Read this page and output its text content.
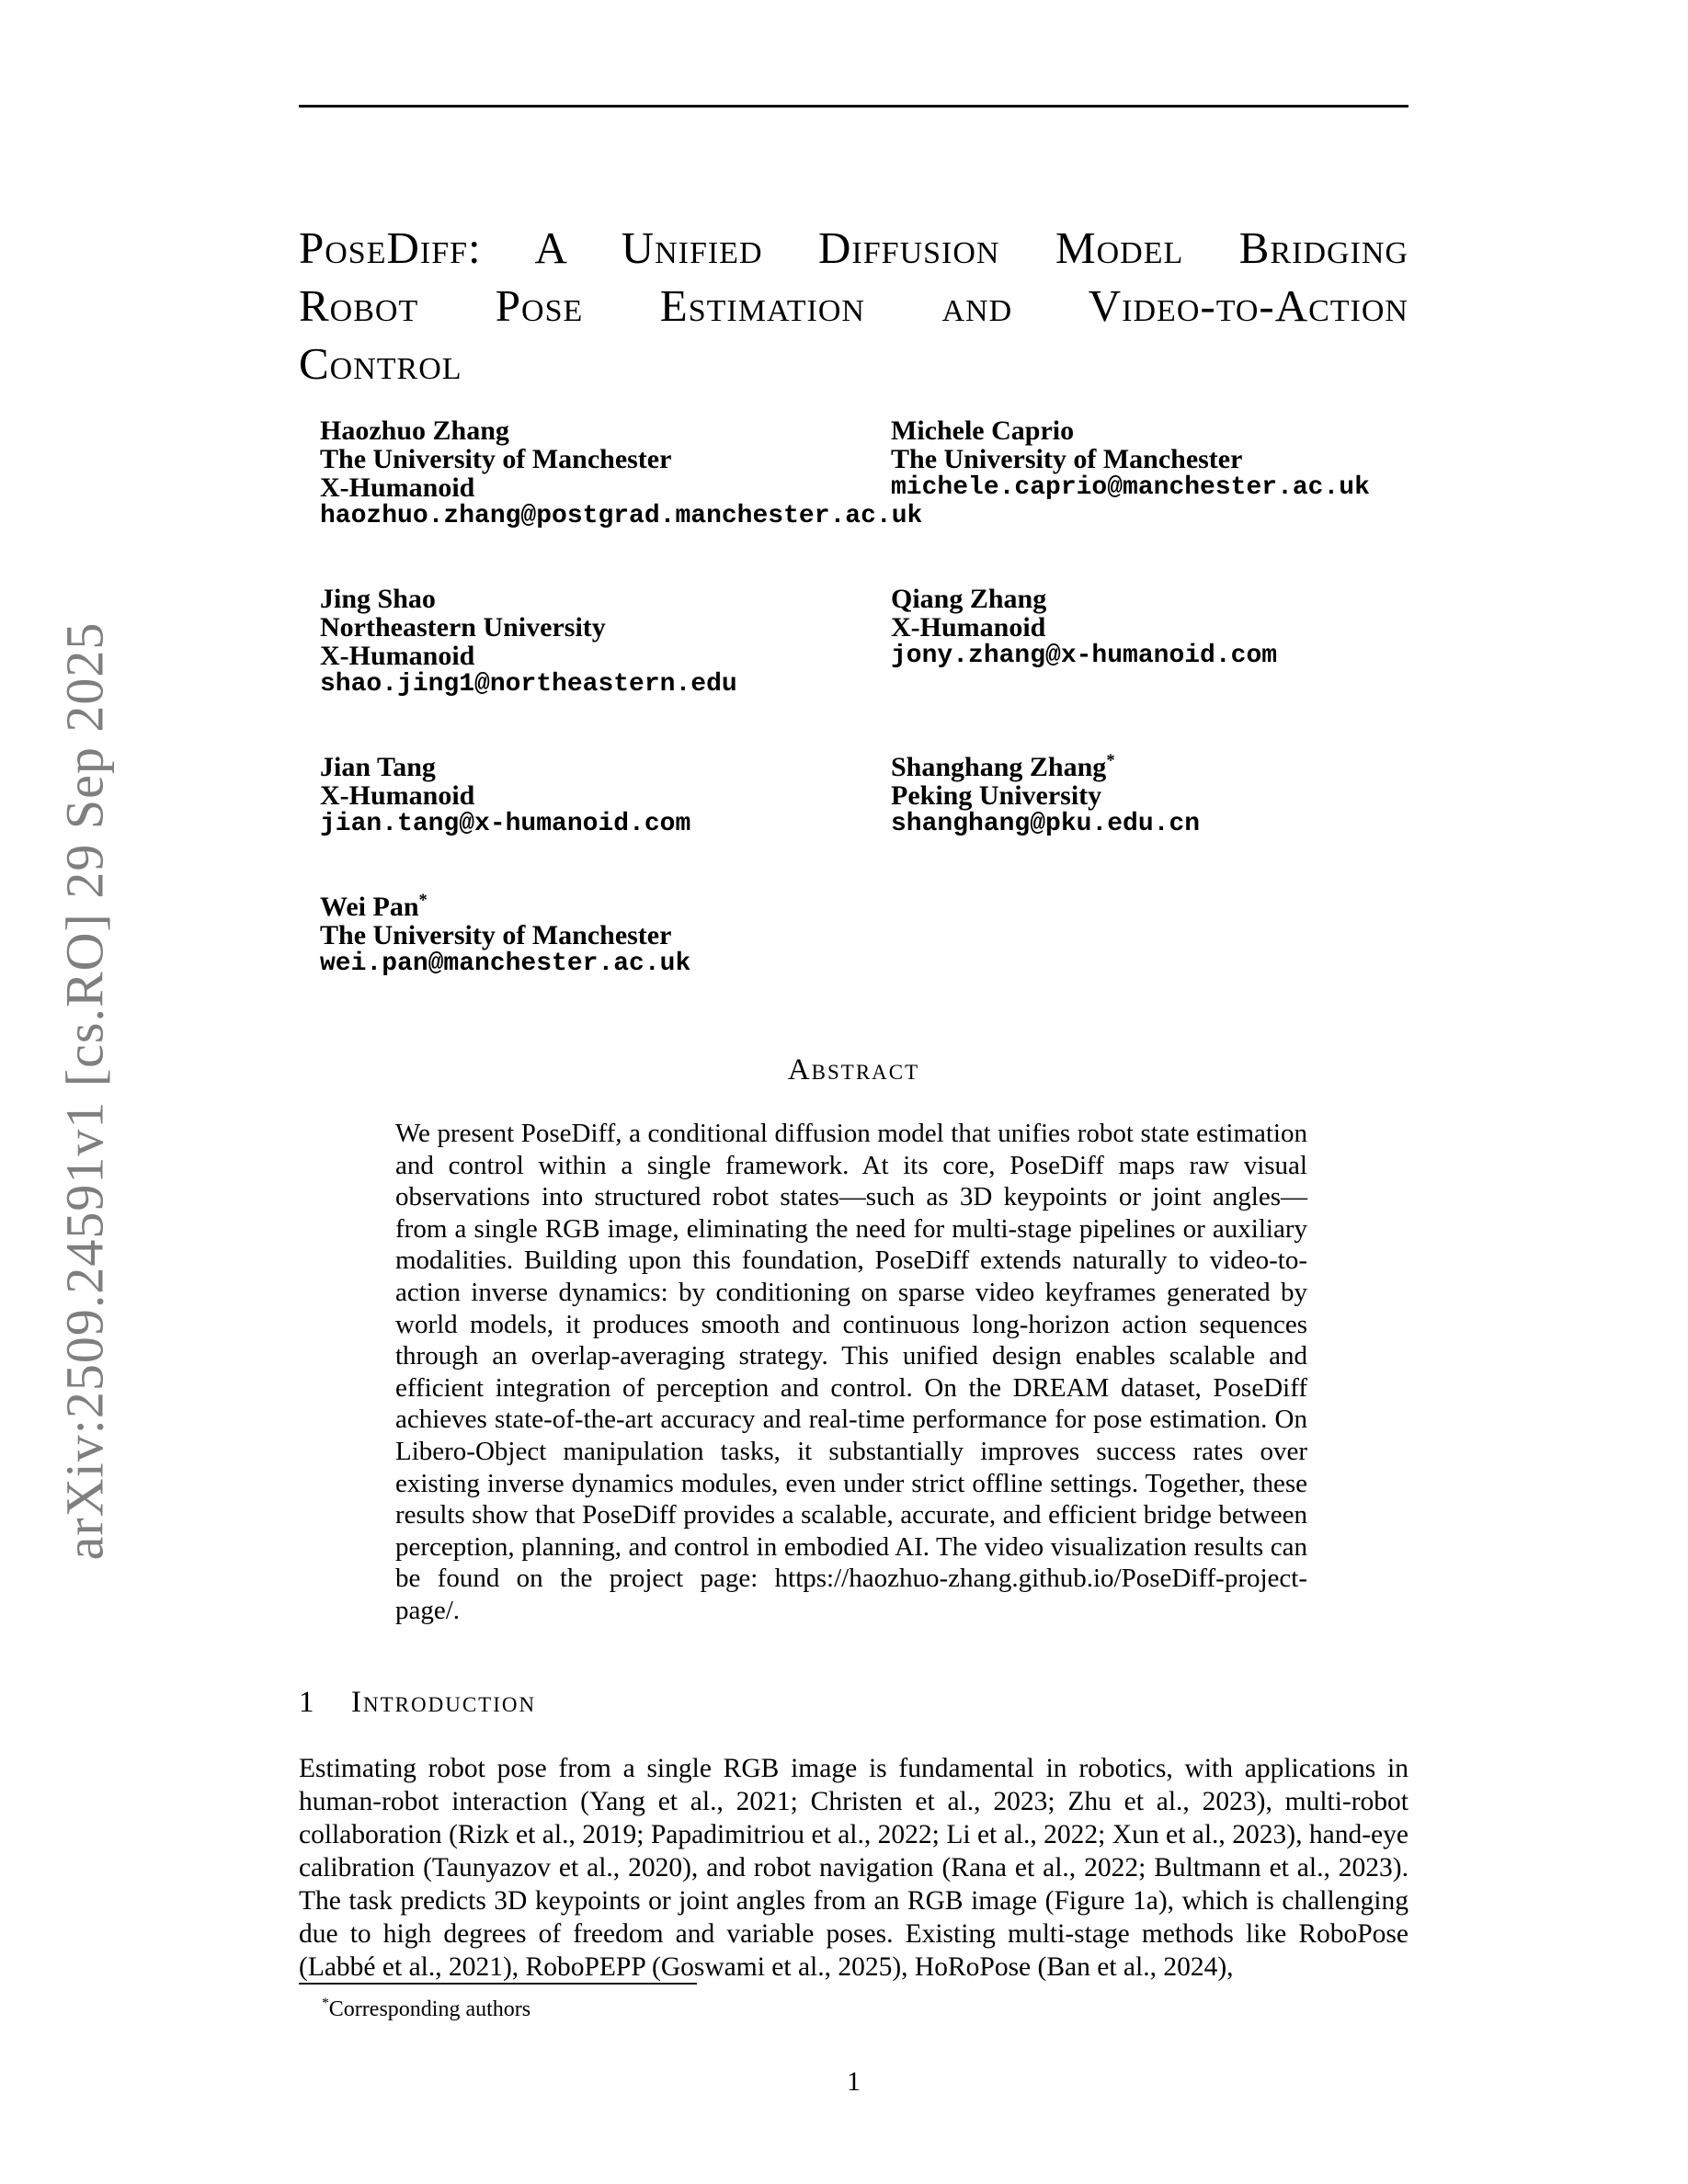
arXiv:2509.24591v1 [cs.RO] 29 Sep 2025
PoseDiff: A Unified Diffusion Model Bridging
Robot Pose Estimation and Video-to-Action
Control
Haozhuo Zhang
The University of Manchester
X-Humanoid
haozhuo.zhang@postgrad.manchester.ac.uk
Michele Caprio
The University of Manchester
michele.caprio@manchester.ac.uk
Jing Shao
Northeastern University
X-Humanoid
shao.jing1@northeastern.edu
Qiang Zhang
X-Humanoid
jony.zhang@x-humanoid.com
Jian Tang
X-Humanoid
jian.tang@x-humanoid.com
Shanghang Zhang*
Peking University
shanghang@pku.edu.cn
Wei Pan*
The University of Manchester
wei.pan@manchester.ac.uk
Abstract

We present PoseDiff, a conditional diffusion model that unifies robot state estimation and control within a single framework. At its core, PoseDiff maps raw visual observations into structured robot states—such as 3D keypoints or joint angles—from a single RGB image, eliminating the need for multi-stage pipelines or auxiliary modalities. Building upon this foundation, PoseDiff extends naturally to video-to-action inverse dynamics: by conditioning on sparse video keyframes generated by world models, it produces smooth and continuous long-horizon action sequences through an overlap-averaging strategy. This unified design enables scalable and efficient integration of perception and control. On the DREAM dataset, PoseDiff achieves state-of-the-art accuracy and real-time performance for pose estimation. On Libero-Object manipulation tasks, it substantially improves success rates over existing inverse dynamics modules, even under strict offline settings. Together, these results show that PoseDiff provides a scalable, accurate, and efficient bridge between perception, planning, and control in embodied AI. The video visualization results can be found on the project page: https://haozhuo-zhang.github.io/PoseDiff-project-page/.

1 Introduction

Estimating robot pose from a single RGB image is fundamental in robotics, with applications in human-robot interaction (Yang et al., 2021; Christen et al., 2023; Zhu et al., 2023), multi-robot collaboration (Rizk et al., 2019; Papadimitriou et al., 2022; Li et al., 2022; Xun et al., 2023), hand-eye calibration (Taunyazov et al., 2020), and robot navigation (Rana et al., 2022; Bultmann et al., 2023). The task predicts 3D keypoints or joint angles from an RGB image (Figure 1a), which is challenging due to high degrees of freedom and variable poses. Existing multi-stage methods like RoboPose (Labbé et al., 2021), RoboPEPP (Goswami et al., 2025), HoRoPose (Ban et al., 2024),

*Corresponding authors
1
